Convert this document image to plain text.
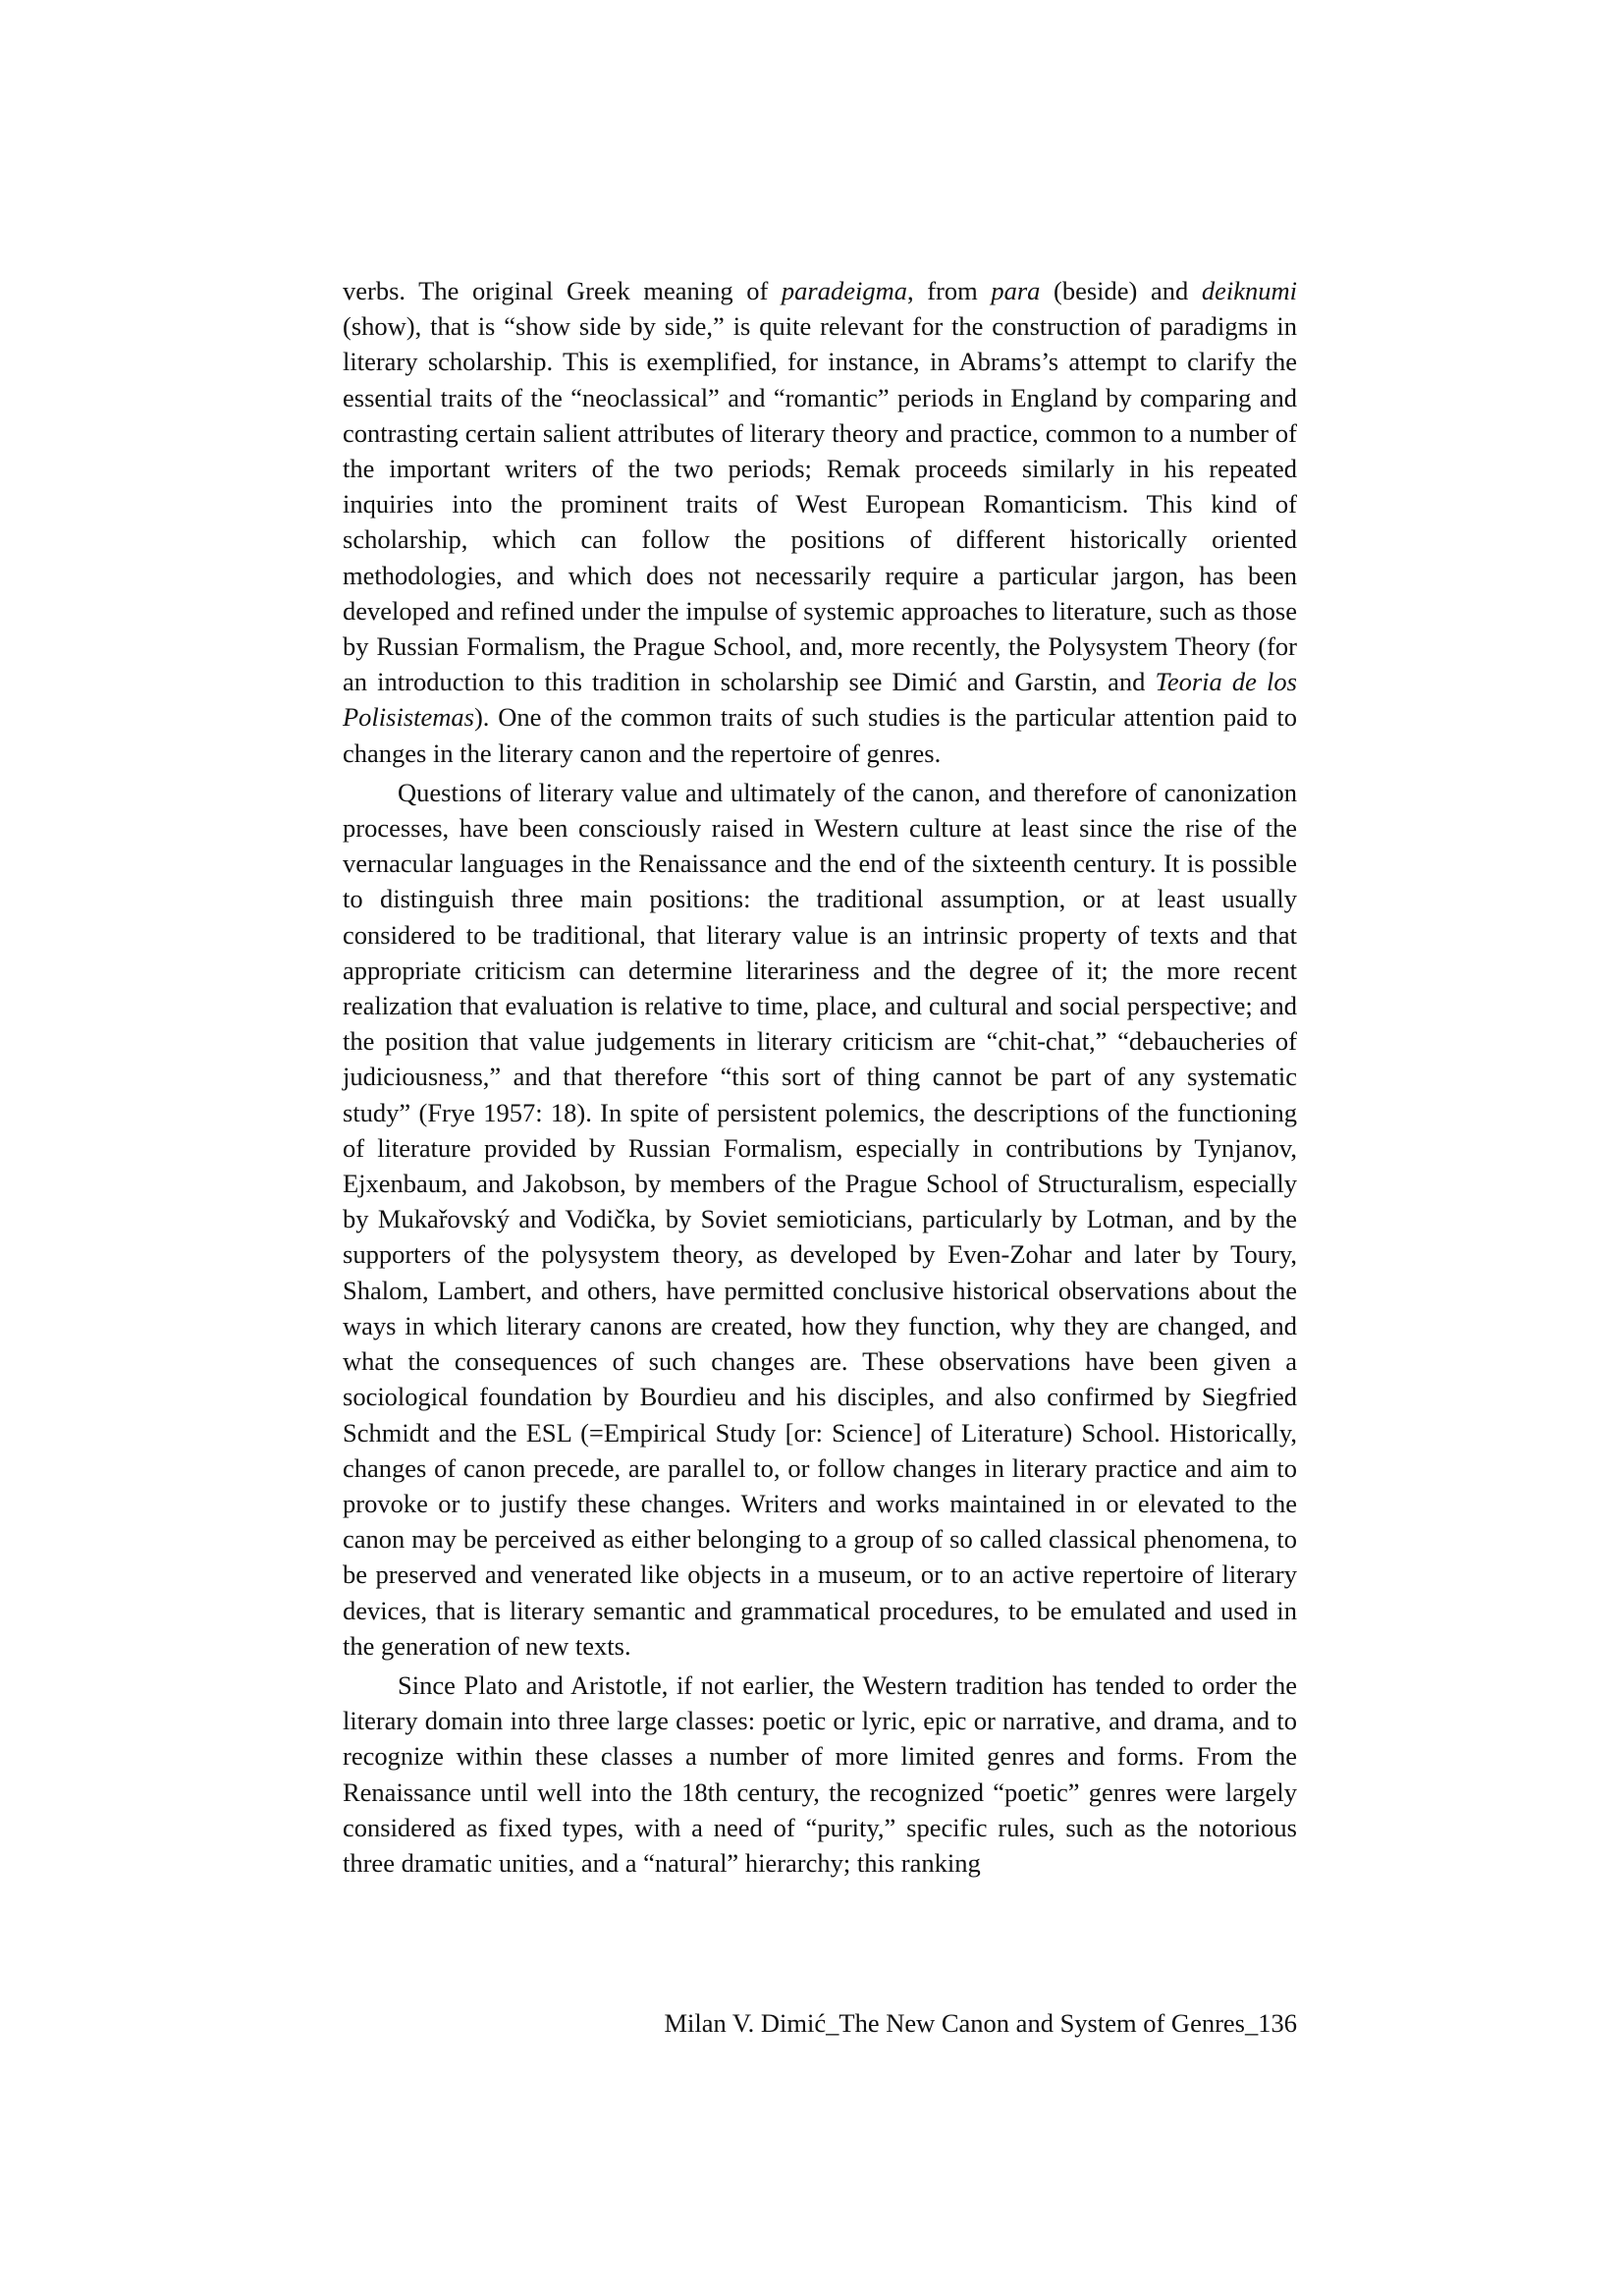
verbs. The original Greek meaning of paradeigma, from para (beside) and deiknumi (show), that is “show side by side,” is quite relevant for the construction of paradigms in literary scholarship. This is exemplified, for instance, in Abrams’s attempt to clarify the essential traits of the “neoclassical” and “romantic” periods in England by comparing and contrasting certain salient attributes of literary theory and practice, common to a number of the important writers of the two periods; Remak proceeds similarly in his repeated inquiries into the prominent traits of West European Romanticism. This kind of scholarship, which can follow the positions of different historically oriented methodologies, and which does not necessarily require a particular jargon, has been developed and refined under the impulse of systemic approaches to literature, such as those by Russian Formalism, the Prague School, and, more recently, the Polysystem Theory (for an introduction to this tradition in scholarship see Dimić and Garstin, and Teoria de los Polisistemas). One of the common traits of such studies is the particular attention paid to changes in the literary canon and the repertoire of genres.

Questions of literary value and ultimately of the canon, and therefore of canonization processes, have been consciously raised in Western culture at least since the rise of the vernacular languages in the Renaissance and the end of the sixteenth century. It is possible to distinguish three main positions: the traditional assumption, or at least usually considered to be traditional, that literary value is an intrinsic property of texts and that appropriate criticism can determine literariness and the degree of it; the more recent realization that evaluation is relative to time, place, and cultural and social perspective; and the position that value judgements in literary criticism are “chit-chat,” “debaucheries of judiciousness,” and that therefore “this sort of thing cannot be part of any systematic study” (Frye 1957: 18). In spite of persistent polemics, the descriptions of the functioning of literature provided by Russian Formalism, especially in contributions by Tynjanov, Ejxenbaum, and Jakobson, by members of the Prague School of Structuralism, especially by Mukařovský and Vodička, by Soviet semioticians, particularly by Lotman, and by the supporters of the polysystem theory, as developed by Even-Zohar and later by Toury, Shalom, Lambert, and others, have permitted conclusive historical observations about the ways in which literary canons are created, how they function, why they are changed, and what the consequences of such changes are. These observations have been given a sociological foundation by Bourdieu and his disciples, and also confirmed by Siegfried Schmidt and the ESL (=Empirical Study [or: Science] of Literature) School. Historically, changes of canon precede, are parallel to, or follow changes in literary practice and aim to provoke or to justify these changes. Writers and works maintained in or elevated to the canon may be perceived as either belonging to a group of so called classical phenomena, to be preserved and venerated like objects in a museum, or to an active repertoire of literary devices, that is literary semantic and grammatical procedures, to be emulated and used in the generation of new texts.

Since Plato and Aristotle, if not earlier, the Western tradition has tended to order the literary domain into three large classes: poetic or lyric, epic or narrative, and drama, and to recognize within these classes a number of more limited genres and forms. From the Renaissance until well into the 18th century, the recognized “poetic” genres were largely considered as fixed types, with a need of “purity,” specific rules, such as the notorious three dramatic unities, and a “natural” hierarchy; this ranking

Milan V. Dimić_The New Canon and System of Genres_136
